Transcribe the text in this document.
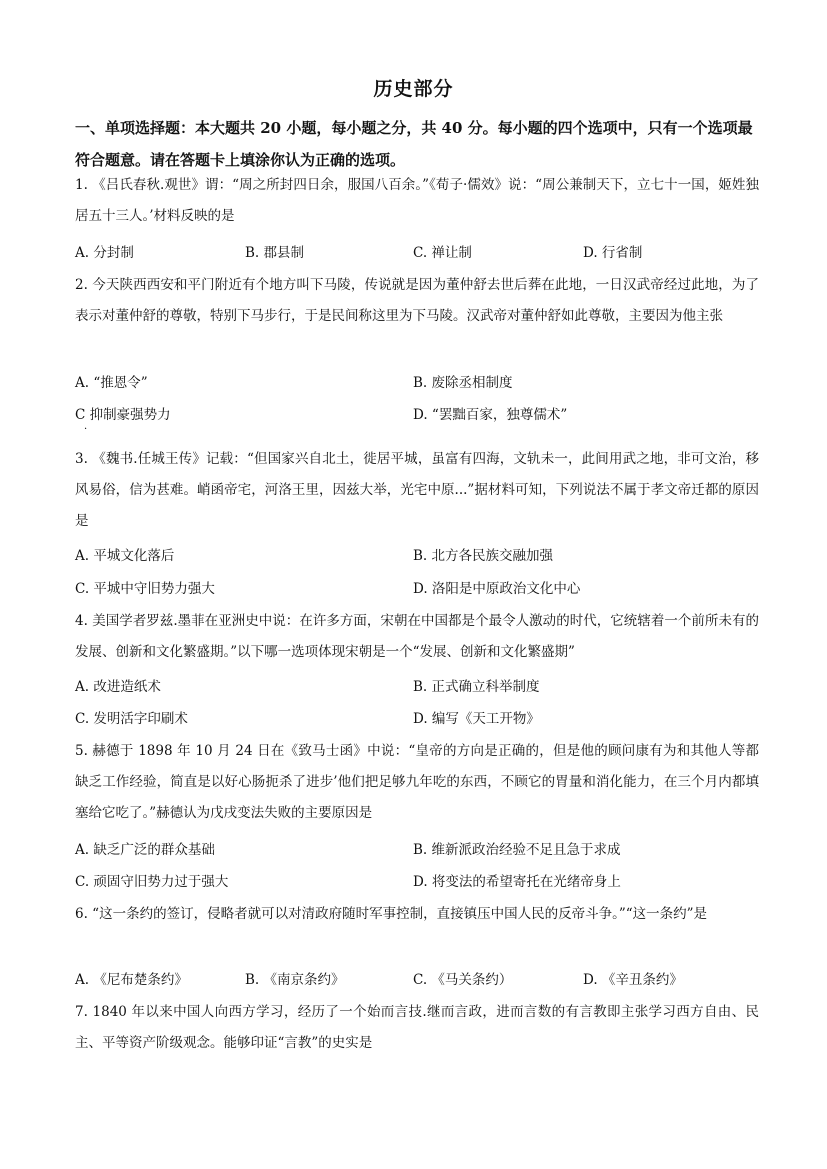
历史部分
一、单项选择题：本大题共 20 小题，每小题之分，共 40 分。每小题的四个选项中，只有一个选项最符合题意。请在答题卡上填涂你认为正确的选项。
1. 《吕氏春秋.观世》谓：“周之所封四日余，服国八百余。”《荀子·儒效》说：“周公兼制天下，立七十一国，姬姓独居五十三人。’材料反映的是
A. 分封制	B. 郡县制	C. 禅让制	D. 行省制
2. 今天陕西西安和平门附近有个地方叫下马陵，传说就是因为董仲舒去世后葬在此地，一日汉武帝经过此地，为了表示对董仲舒的尊敬，特别下马步行，于是民间称这里为下马陵。汉武帝对董仲舒如此尊敬，主要因为他主张
A. “推恩令”	B. 废除丞相制度
C 抑制豪强势力	D. “罢黜百家，独尊儒术”
·
3. 《魏书.任城王传》记载：“但国家兴自北土，徙居平城，虽富有四海，文轨未一，此间用武之地，非可文治，移风易俗，信为甚难。峭函帝宅，河洛王里，因兹大举，光宅中原...”据材料可知，下列说法不属于孝文帝迁都的原因是
A. 平城文化落后	B. 北方各民族交融加强
C. 平城中守旧势力强大	D. 洛阳是中原政治文化中心
4. 美国学者罗兹.墨菲在亚洲史中说：在许多方面，宋朝在中国都是个最令人激动的时代，它统辖着一个前所未有的发展、创新和文化繁盛期。”以下哪一选项体现宋朝是一个“发展、创新和文化繁盛期”
A. 改进造纸术	B. 正式确立科举制度
C. 发明活字印刷术	D. 编写《天工开物》
5. 赫德于 1898 年 10 月 24 日在《致马士函》中说：“皇帝的方向是正确的，但是他的顾问康有为和其他人等都缺乏工作经验，简直是以好心肠扼杀了进步’他们把足够九年吃的东西，不顾它的胃量和消化能力，在三个月内都填塞给它吃了。”赫德认为戊戌变法失败的主要原因是
A. 缺乏广泛的群众基础	B. 维新派政治经验不足且急于求成
C. 顽固守旧势力过于强大	D. 将变法的希望寄托在光绪帝身上
6. “这一条约的签订，侵略者就可以对清政府随时军事控制，直接镇压中国人民的反帝斗争。”“这一条约”是
A. 《尼布楚条约》	B. 《南京条约》	C. 《马关条约）	D. 《辛丑条约》
7. 1840 年以来中国人向西方学习，经历了一个始而言技.继而言政，进而言数的有言教即主张学习西方自由、民主、平等资产阶级观念。能够印证“言教”的史实是
